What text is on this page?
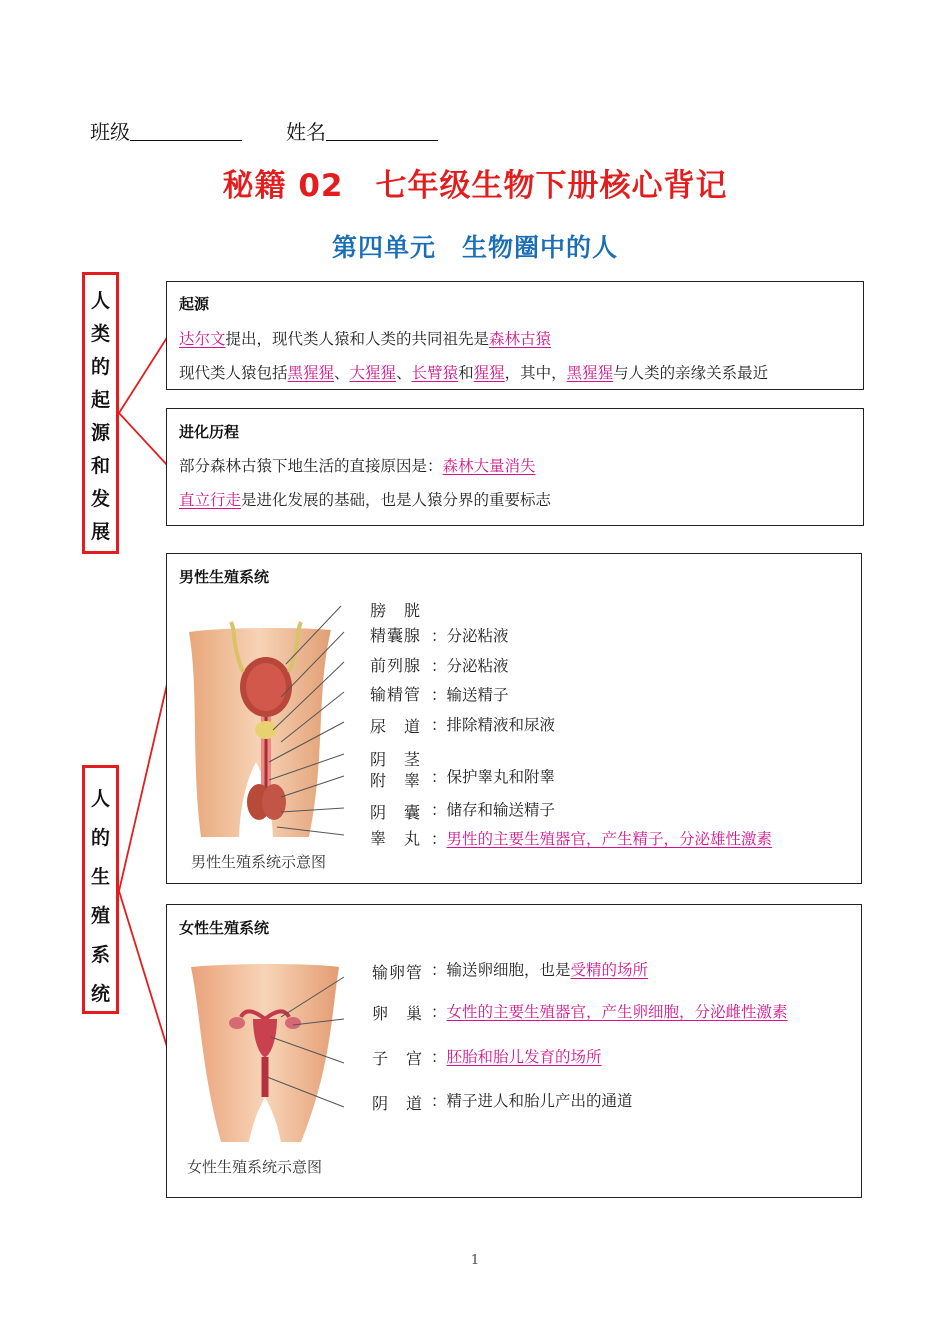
班级	姓名
秘籍 02　七年级生物下册核心背记
第四单元　生物圈中的人
人类的起源和发展
人的生殖系统
起源
达尔文提出，现代类人猿和人类的共同祖先是森林古猿
现代类人猿包括黑猩猩、大猩猩、长臂猿和猩猩，其中，黑猩猩与人类的亲缘关系最近
进化历程
部分森林古猿下地生活的直接原因是：森林大量消失
直立行走是进化发展的基础，也是人猿分界的重要标志
男性生殖系统
男性生殖系统示意图
膀　胱
精囊腺 ：分泌粘液
前列腺 ：分泌粘液
输精管 ：输送精子
尿　道 ：排除精液和尿液
阴　茎
附　睾 ：保护睾丸和附睾
阴　囊 ：储存和输送精子
睾　丸 ：男性的主要生殖器官，产生精子，分泌雄性激素
女性生殖系统
女性生殖系统示意图
输卵管 ：输送卵细胞，也是受精的场所
卵　巢 ：女性的主要生殖器官，产生卵细胞，分泌雌性激素
子　宫 ：胚胎和胎儿发育的场所
阴　道 ：精子进人和胎儿产出的通道
1
